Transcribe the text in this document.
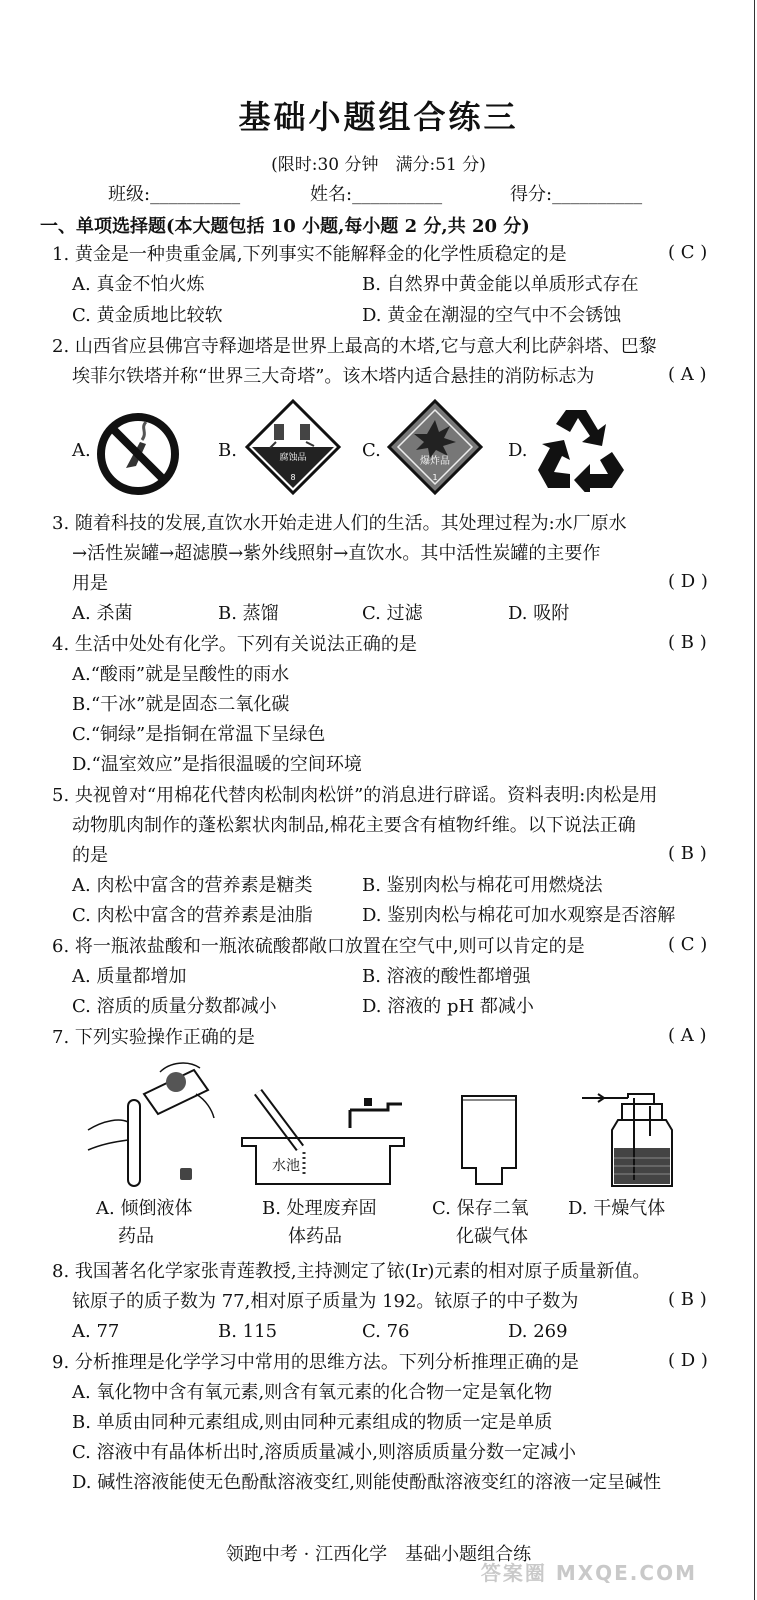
基础小题组合练三
(限时:30 分钟　满分:51 分)
班级:__________	姓名:__________	得分:__________
一、单项选择题(本大题包括 10 小题,每小题 2 分,共 20 分)
1. 黄金是一种贵重金属,下列事实不能解释金的化学性质稳定的是	( C )
A. 真金不怕火炼	B. 自然界中黄金能以单质形式存在
C. 黄金质地比较软	D. 黄金在潮湿的空气中不会锈蚀
2. 山西省应县佛宫寺释迦塔是世界上最高的木塔,它与意大利比萨斜塔、巴黎
埃菲尔铁塔并称“世界三大奇塔”。该木塔内适合悬挂的消防标志为	( A )
A.	B.	腐蚀品
8
C.
爆炸品
1
D.
3. 随着科技的发展,直饮水开始走进人们的生活。其处理过程为:水厂原水
→活性炭罐→超滤膜→紫外线照射→直饮水。其中活性炭罐的主要作
用是	( D )
A. 杀菌	B. 蒸馏	C. 过滤	D. 吸附
4. 生活中处处有化学。下列有关说法正确的是	( B )
A.“酸雨”就是呈酸性的雨水
B.“干冰”就是固态二氧化碳
C.“铜绿”是指铜在常温下呈绿色
D.“温室效应”是指很温暖的空间环境
5. 央视曾对“用棉花代替肉松制肉松饼”的消息进行辟谣。资料表明:肉松是用
动物肌肉制作的蓬松絮状肉制品,棉花主要含有植物纤维。以下说法正确
的是	( B )
A. 肉松中富含的营养素是糖类	B. 鉴别肉松与棉花可用燃烧法
C. 肉松中富含的营养素是油脂	D. 鉴别肉松与棉花可加水观察是否溶解
6. 将一瓶浓盐酸和一瓶浓硫酸都敞口放置在空气中,则可以肯定的是	( C )
A. 质量都增加	B. 溶液的酸性都增强
C. 溶质的质量分数都减小	D. 溶液的 pH 都减小
7. 下列实验操作正确的是	( A )
水池
A. 倾倒液体
药品
B. 处理废弃固
体药品
C. 保存二氧
化碳气体
D. 干燥气体
8. 我国著名化学家张青莲教授,主持测定了铱(Ir)元素的相对原子质量新值。
铱原子的质子数为 77,相对原子质量为 192。铱原子的中子数为	( B )
A. 77	B. 115	C. 76	D. 269
9. 分析推理是化学学习中常用的思维方法。下列分析推理正确的是	( D )
A. 氧化物中含有氧元素,则含有氧元素的化合物一定是氧化物
B. 单质由同种元素组成,则由同种元素组成的物质一定是单质
C. 溶液中有晶体析出时,溶质质量减小,则溶质质量分数一定减小
D. 碱性溶液能使无色酚酞溶液变红,则能使酚酞溶液变红的溶液一定呈碱性
领跑中考 · 江西化学　基础小题组合练
答案圈 MXQE.COM
